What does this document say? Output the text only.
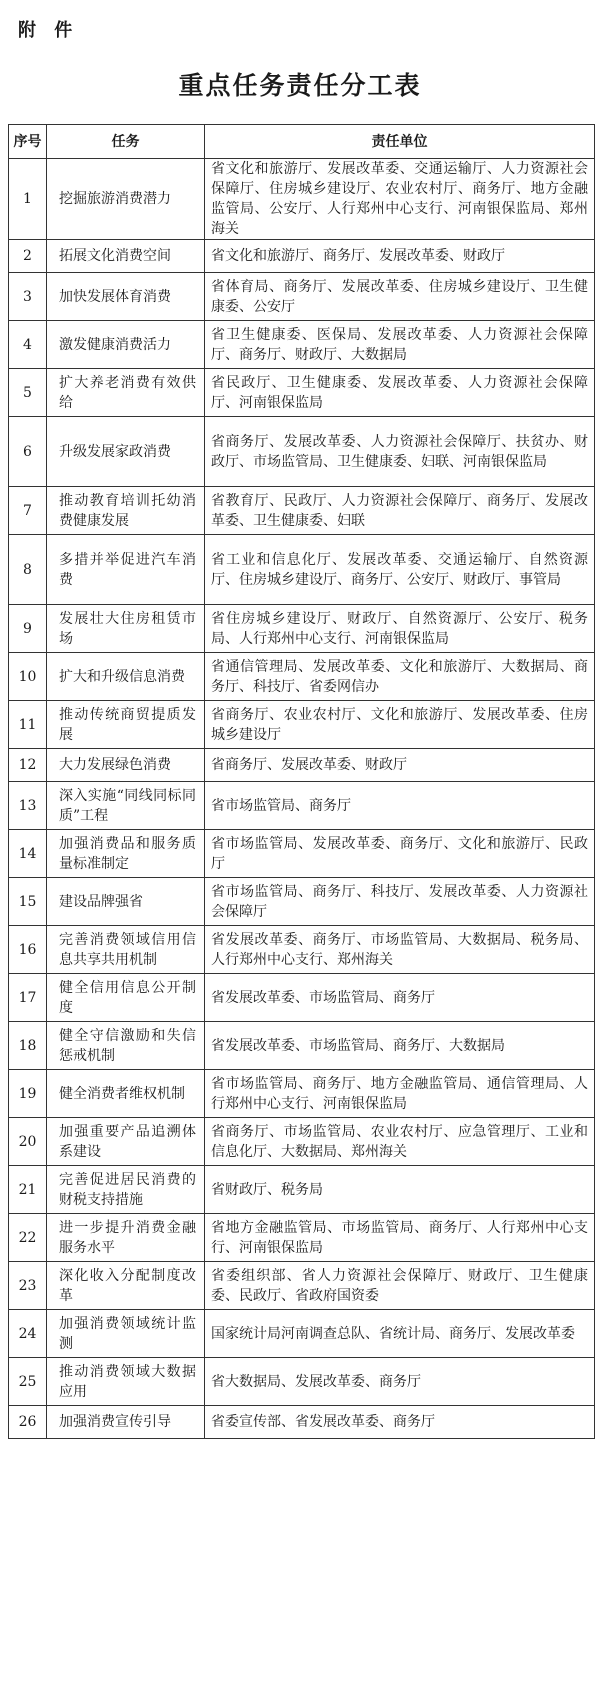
附 件
重点任务责任分工表
序号	任务	责任单位
1	挖掘旅游消费潜力	省文化和旅游厅、发展改革委、交通运输厅、人力资源社会保障厅、住房城乡建设厅、农业农村厅、商务厅、地方金融监管局、公安厅、人行郑州中心支行、河南银保监局、郑州海关
2	拓展文化消费空间	省文化和旅游厅、商务厅、发展改革委、财政厅
3	加快发展体育消费	省体育局、商务厅、发展改革委、住房城乡建设厅、卫生健康委、公安厅
4	激发健康消费活力	省卫生健康委、医保局、发展改革委、人力资源社会保障厅、商务厅、财政厅、大数据局
5	扩大养老消费有效供给	省民政厅、卫生健康委、发展改革委、人力资源社会保障厅、河南银保监局
6	升级发展家政消费	省商务厅、发展改革委、人力资源社会保障厅、扶贫办、财政厅、市场监管局、卫生健康委、妇联、河南银保监局
7	推动教育培训托幼消费健康发展	省教育厅、民政厅、人力资源社会保障厅、商务厅、发展改革委、卫生健康委、妇联
8	多措并举促进汽车消费	省工业和信息化厅、发展改革委、交通运输厅、自然资源厅、住房城乡建设厅、商务厅、公安厅、财政厅、事管局
9	发展壮大住房租赁市场	省住房城乡建设厅、财政厅、自然资源厅、公安厅、税务局、人行郑州中心支行、河南银保监局
10	扩大和升级信息消费	省通信管理局、发展改革委、文化和旅游厅、大数据局、商务厅、科技厅、省委网信办
11	推动传统商贸提质发展	省商务厅、农业农村厅、文化和旅游厅、发展改革委、住房城乡建设厅
12	大力发展绿色消费	省商务厅、发展改革委、财政厅
13	深入实施“同线同标同质”工程	省市场监管局、商务厅
14	加强消费品和服务质量标准制定	省市场监管局、发展改革委、商务厅、文化和旅游厅、民政厅
15	建设品牌强省	省市场监管局、商务厅、科技厅、发展改革委、人力资源社会保障厅
16	完善消费领域信用信息共享共用机制	省发展改革委、商务厅、市场监管局、大数据局、税务局、人行郑州中心支行、郑州海关
17	健全信用信息公开制度	省发展改革委、市场监管局、商务厅
18	健全守信激励和失信惩戒机制	省发展改革委、市场监管局、商务厅、大数据局
19	健全消费者维权机制	省市场监管局、商务厅、地方金融监管局、通信管理局、人行郑州中心支行、河南银保监局
20	加强重要产品追溯体系建设	省商务厅、市场监管局、农业农村厅、应急管理厅、工业和信息化厅、大数据局、郑州海关
21	完善促进居民消费的财税支持措施	省财政厅、税务局
22	进一步提升消费金融服务水平	省地方金融监管局、市场监管局、商务厅、人行郑州中心支行、河南银保监局
23	深化收入分配制度改革	省委组织部、省人力资源社会保障厅、财政厅、卫生健康委、民政厅、省政府国资委
24	加强消费领域统计监测	国家统计局河南调查总队、省统计局、商务厅、发展改革委
25	推动消费领域大数据应用	省大数据局、发展改革委、商务厅
26	加强消费宣传引导	省委宣传部、省发展改革委、商务厅
